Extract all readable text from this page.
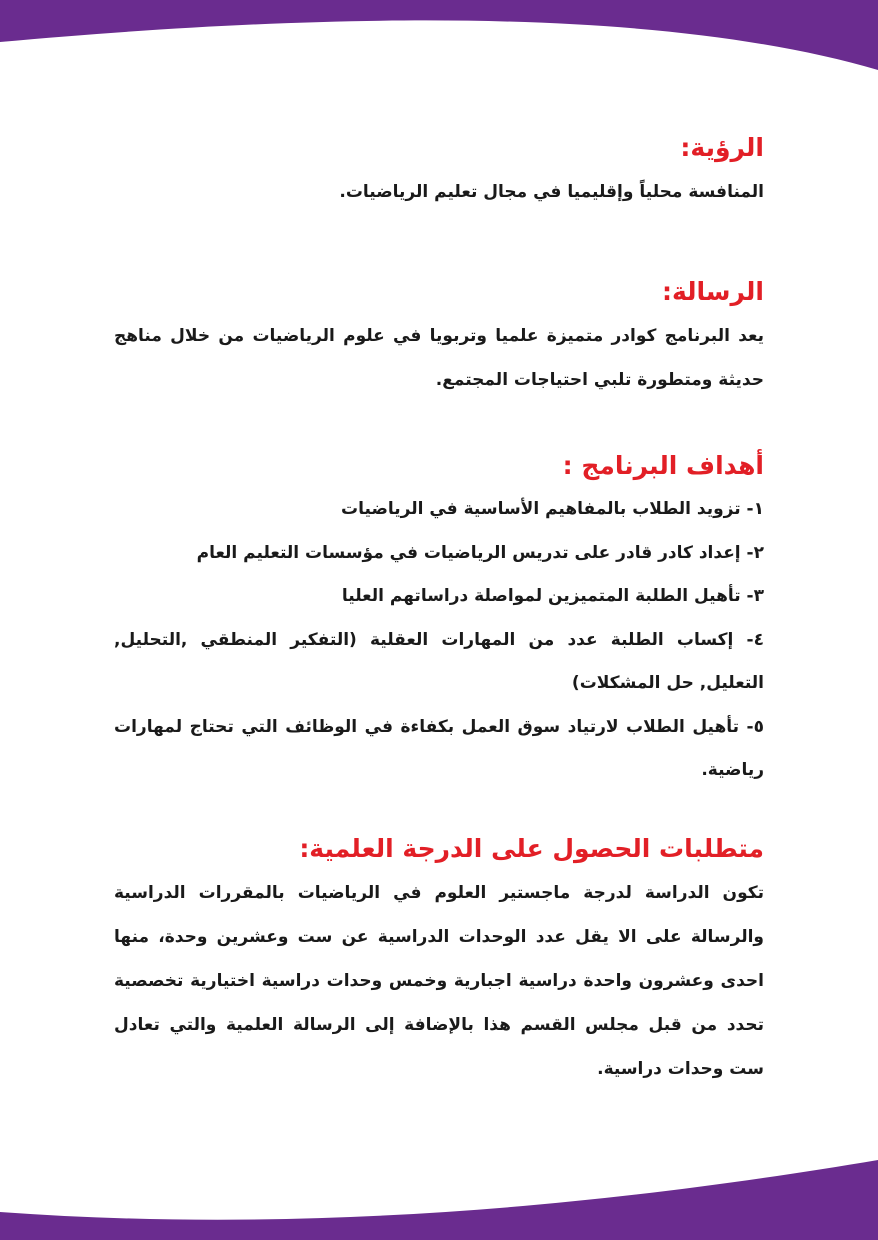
الرؤية:

المنافسة محلياً وإقليميا في مجال تعليم الرياضيات.

الرسالة:

يعد البرنامج كوادر متميزة علميا وتربويا في علوم الرياضيات من خلال مناهج حديثة ومتطورة تلبي احتياجات المجتمع.

أهداف البرنامج :
١- تزويد الطلاب بالمفاهيم الأساسية في الرياضيات
٢- إعداد كادر قادر على تدريس الرياضيات في مؤسسات التعليم العام
٣- تأهيل الطلبة المتميزين لمواصلة دراساتهم العليا
٤- إكساب الطلبة عدد من المهارات العقلية (التفكير المنطقي ,التحليل, التعليل, حل المشكلات)
٥- تأهيل الطلاب لارتياد سوق العمل بكفاءة في الوظائف التي تحتاج لمهارات رياضية.
متطلبات الحصول على الدرجة العلمية:

تكون الدراسة لدرجة ماجستير العلوم في الرياضيات بالمقررات الدراسية والرسالة على الا يقل عدد الوحدات الدراسية عن ست وعشرين وحدة، منها احدى وعشرون واحدة دراسية اجبارية وخمس وحدات دراسية اختيارية تخصصية تحدد من قبل مجلس القسم هذا بالإضافة إلى الرسالة العلمية والتي تعادل ست وحدات دراسية.
